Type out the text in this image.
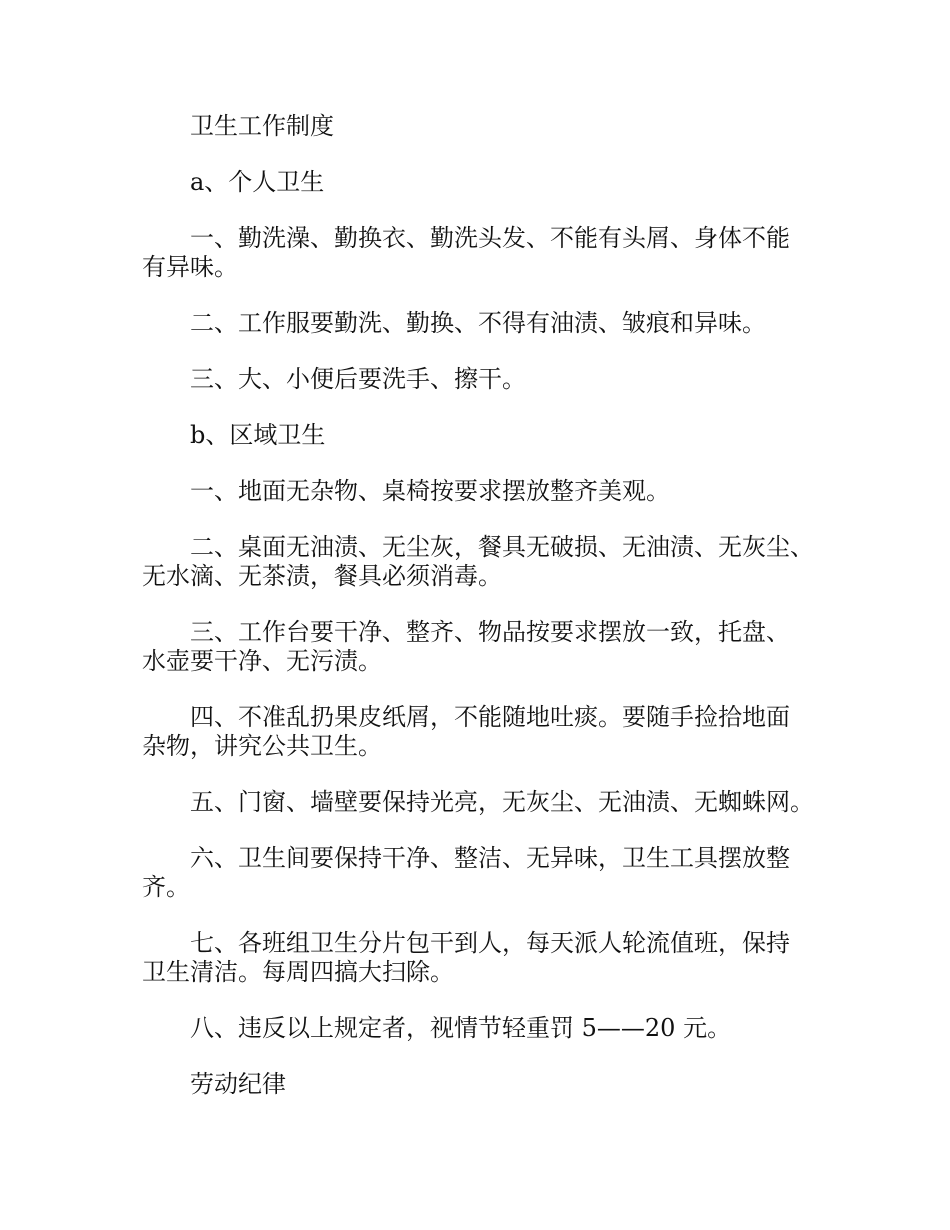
卫生工作制度

a、个人卫生

一、勤洗澡、勤换衣、勤洗头发、不能有头屑、身体不能
有异味。

二、工作服要勤洗、勤换、不得有油渍、皱痕和异味。

三、大、小便后要洗手、擦干。

b、区域卫生

一、地面无杂物、桌椅按要求摆放整齐美观。

二、桌面无油渍、无尘灰，餐具无破损、无油渍、无灰尘、
无水滴、无茶渍，餐具必须消毒。

三、工作台要干净、整齐、物品按要求摆放一致，托盘、
水壶要干净、无污渍。

四、不准乱扔果皮纸屑，不能随地吐痰。要随手捡拾地面
杂物，讲究公共卫生。

五、门窗、墙壁要保持光亮，无灰尘、无油渍、无蜘蛛网。

六、卫生间要保持干净、整洁、无异味，卫生工具摆放整
齐。

七、各班组卫生分片包干到人，每天派人轮流值班，保持
卫生清洁。每周四搞大扫除。

八、违反以上规定者，视情节轻重罚 5——20 元。

劳动纪律
